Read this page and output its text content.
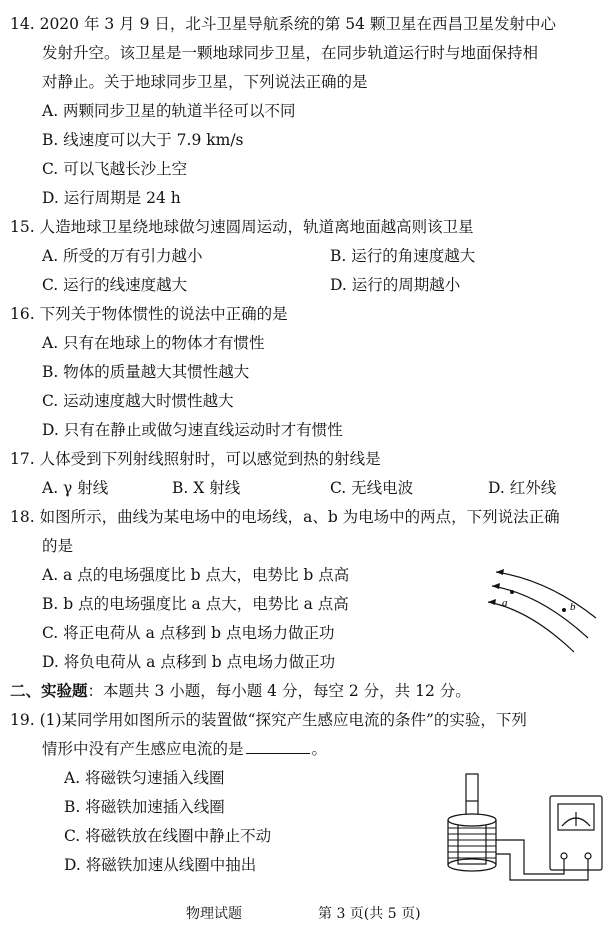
14. 2020 年 3 月 9 日，北斗卫星导航系统的第 54 颗卫星在西昌卫星发射中心
发射升空。该卫星是一颗地球同步卫星，在同步轨道运行时与地面保持相
对静止。关于地球同步卫星，下列说法正确的是
A. 两颗同步卫星的轨道半径可以不同
B. 线速度可以大于 7.9 km/s
C. 可以飞越长沙上空
D. 运行周期是 24 h
15. 人造地球卫星绕地球做匀速圆周运动，轨道离地面越高则该卫星
A. 所受的万有引力越小	B. 运行的角速度越大
C. 运行的线速度越大	D. 运行的周期越小
16. 下列关于物体惯性的说法中正确的是
A. 只有在地球上的物体才有惯性
B. 物体的质量越大其惯性越大
C. 运动速度越大时惯性越大
D. 只有在静止或做匀速直线运动时才有惯性
17. 人体受到下列射线照射时，可以感觉到热的射线是
A. γ 射线	B. X 射线	C. 无线电波	D. 红外线
18. 如图所示，曲线为某电场中的电场线，a、b 为电场中的两点，下列说法正确
的是
A. a 点的电场强度比 b 点大，电势比 b 点高
B. b 点的电场强度比 a 点大，电势比 a 点高
C. 将正电荷从 a 点移到 b 点电场力做正功
D. 将负电荷从 a 点移到 b 点电场力做正功
a	b
二、实验题：本题共 3 小题，每小题 4 分，每空 2 分，共 12 分。
19. (1)某同学用如图所示的装置做“探究产生感应电流的条件”的实验，下列
情形中没有产生感应电流的是	。
A. 将磁铁匀速插入线圈
B. 将磁铁加速插入线圈
C. 将磁铁放在线圈中静止不动
D. 将磁铁加速从线圈中抽出
物理试题	第 3 页(共 5 页)
